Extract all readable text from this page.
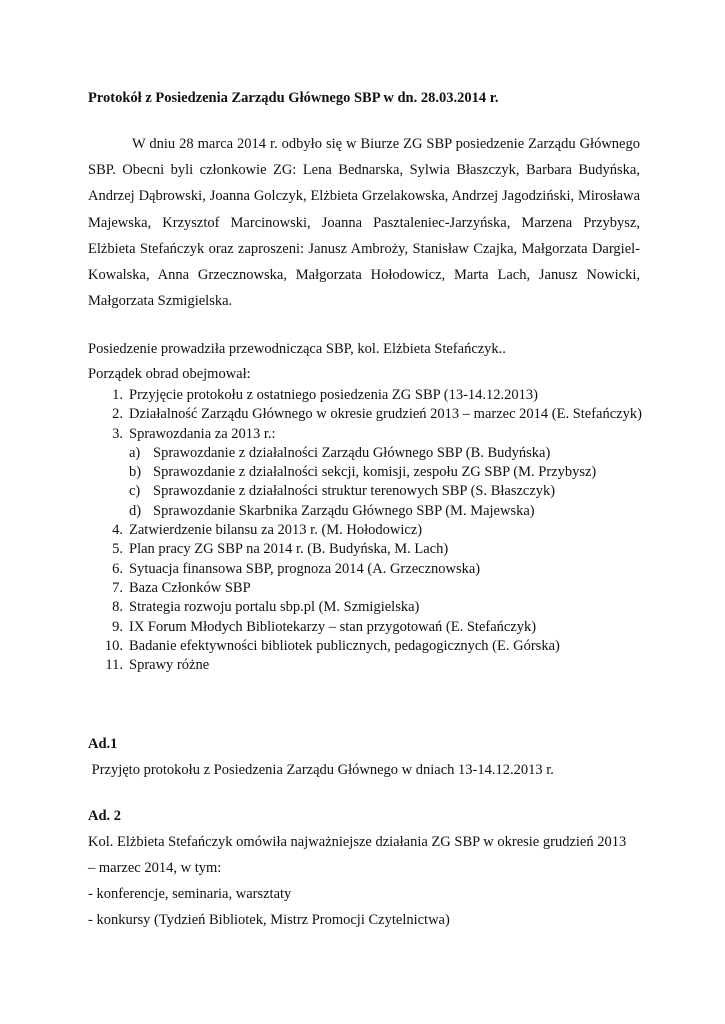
Protokół z Posiedzenia Zarządu Głównego SBP w dn. 28.03.2014 r.
W dniu 28 marca 2014 r. odbyło się w Biurze ZG SBP posiedzenie Zarządu Głównego SBP. Obecni byli członkowie ZG: Lena Bednarska, Sylwia Błaszczyk, Barbara Budyńska, Andrzej Dąbrowski, Joanna Golczyk, Elżbieta Grzelakowska, Andrzej Jagodziński, Mirosława Majewska, Krzysztof Marcinowski, Joanna Pasztaleniec-Jarzyńska, Marzena Przybysz, Elżbieta Stefańczyk oraz zaproszeni: Janusz Ambroży, Stanisław Czajka, Małgorzata Dargiel-Kowalska, Anna Grzecznowska, Małgorzata Hołodowicz, Marta Lach, Janusz Nowicki, Małgorzata Szmigielska.
Posiedzenie prowadziła przewodnicząca SBP, kol. Elżbieta Stefańczyk..
Porządek obrad obejmował:
1. Przyjęcie protokołu z ostatniego posiedzenia ZG SBP (13-14.12.2013)
2. Działalność Zarządu Głównego w okresie grudzień 2013 – marzec 2014 (E. Stefańczyk)
3. Sprawozdania za 2013 r.:
a) Sprawozdanie z działalności Zarządu Głównego SBP (B. Budyńska)
b) Sprawozdanie z działalności sekcji, komisji, zespołu ZG SBP (M. Przybysz)
c) Sprawozdanie z działalności struktur terenowych SBP (S. Błaszczyk)
d) Sprawozdanie Skarbnika Zarządu Głównego SBP (M. Majewska)
4. Zatwierdzenie bilansu za 2013 r. (M. Hołodowicz)
5. Plan pracy ZG SBP na 2014 r. (B. Budyńska, M. Lach)
6. Sytuacja finansowa SBP, prognoza 2014 (A. Grzecznowska)
7. Baza Członków SBP
8. Strategia rozwoju portalu sbp.pl (M. Szmigielska)
9. IX Forum Młodych Bibliotekarzy – stan przygotowań (E. Stefańczyk)
10. Badanie efektywności bibliotek publicznych, pedagogicznych (E. Górska)
11. Sprawy różne
Ad.1
Przyjęto protokołu z Posiedzenia Zarządu Głównego w dniach 13-14.12.2013 r.
Ad. 2
Kol. Elżbieta Stefańczyk omówiła najważniejsze działania ZG SBP w okresie grudzień 2013
– marzec 2014, w tym:
- konferencje, seminaria, warsztaty
- konkursy (Tydzień Bibliotek, Mistrz Promocji Czytelnictwa)
